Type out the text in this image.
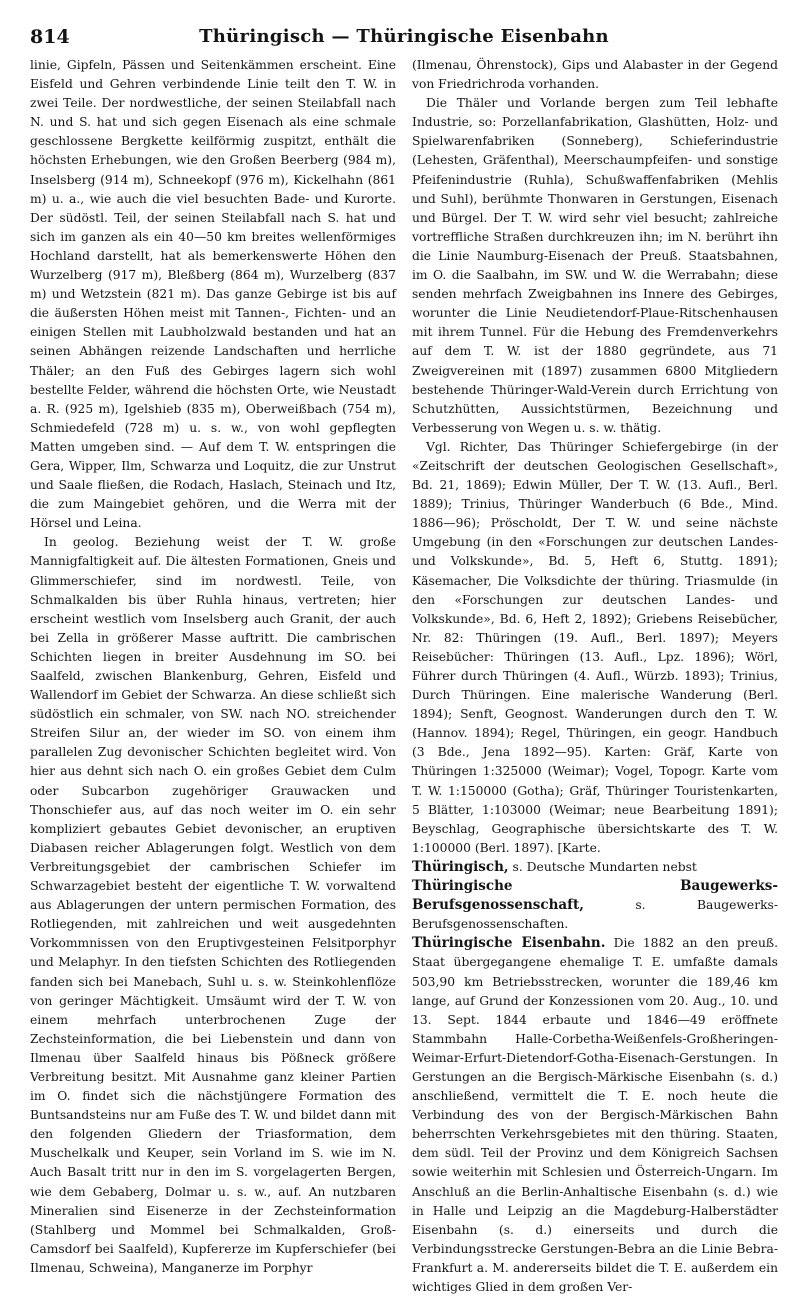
814	Thüringisch — Thüringische Eisenbahn

linie, Gipfeln, Pässen und Seitenkämmen erscheint. Eine Eisfeld und Gehren verbindende Linie teilt den T. W. in zwei Teile. Der nordwestliche, der seinen Steilabfall nach N. und S. hat und sich gegen Eisenach als eine schmale geschlossene Bergkette keilförmig zuspitzt, enthält die höchsten Erhebungen, wie den Großen Beerberg (984 m), Inselsberg (914 m), Schneekopf (976 m), Kickelhahn (861 m) u. a., wie auch die viel besuchten Bade- und Kurorte. Der südöstl. Teil, der seinen Steilabfall nach S. hat und sich im ganzen als ein 40—50 km breites wellenförmiges Hochland darstellt, hat als bemerkenswerte Höhen den Wurzelberg (917 m), Bleßberg (864 m), Wurzelberg (837 m) und Wetzstein (821 m). Das ganze Gebirge ist bis auf die äußersten Höhen meist mit Tannen-, Fichten- und an einigen Stellen mit Laubholzwald bestanden und hat an seinen Abhängen reizende Landschaften und herrliche Thäler; an den Fuß des Gebirges lagern sich wohl bestellte Felder, während die höchsten Orte, wie Neustadt a. R. (925 m), Igelshieb (835 m), Oberweißbach (754 m), Schmiedefeld (728 m) u. s. w., von wohl gepflegten Matten umgeben sind. — Auf dem T. W. entspringen die Gera, Wipper, Ilm, Schwarza und Loquitz, die zur Unstrut und Saale fließen, die Rodach, Haslach, Steinach und Itz, die zum Maingebiet gehören, und die Werra mit der Hörsel und Leina.

In geolog. Beziehung weist der T. W. große Mannigfaltigkeit auf. Die ältesten Formationen, Gneis und Glimmerschiefer, sind im nordwestl. Teile, von Schmalkalden bis über Ruhla hinaus, vertreten; hier erscheint westlich vom Inselsberg auch Granit, der auch bei Zella in größerer Masse auftritt. Die cambrischen Schichten liegen in breiter Ausdehnung im SO. bei Saalfeld, zwischen Blankenburg, Gehren, Eisfeld und Wallendorf im Gebiet der Schwarza. An diese schließt sich südöstlich ein schmaler, von SW. nach NO. streichender Streifen Silur an, der wieder im SO. von einem ihm parallelen Zug devonischer Schichten begleitet wird. Von hier aus dehnt sich nach O. ein großes Gebiet dem Culm oder Subcarbon zugehöriger Grauwacken und Thonschiefer aus, auf das noch weiter im O. ein sehr kompliziert gebautes Gebiet devonischer, an eruptiven Diabasen reicher Ablagerungen folgt. Westlich von dem Verbreitungsgebiet der cambrischen Schiefer im Schwarzagebiet besteht der eigentliche T. W. vorwaltend aus Ablagerungen der untern permischen Formation, des Rotliegenden, mit zahlreichen und weit ausgedehnten Vorkommnissen von den Eruptivgesteinen Felsitporphyr und Melaphyr. In den tiefsten Schichten des Rotliegenden fanden sich bei Manebach, Suhl u. s. w. Steinkohlenflöze von geringer Mächtigkeit. Umsäumt wird der T. W. von einem mehrfach unterbrochenen Zuge der Zechsteinformation, die bei Liebenstein und dann von Ilmenau über Saalfeld hinaus bis Pößneck größere Verbreitung besitzt. Mit Ausnahme ganz kleiner Partien im O. findet sich die nächstjüngere Formation des Buntsandsteins nur am Fuße des T. W. und bildet dann mit den folgenden Gliedern der Triasformation, dem Muschelkalk und Keuper, sein Vorland im S. wie im N. Auch Basalt tritt nur in den im S. vorgelagerten Bergen, wie dem Gebaberg, Dolmar u. s. w., auf. An nutzbaren Mineralien sind Eisenerze in der Zechsteinformation (Stahlberg und Mommel bei Schmalkalden, Groß-Camsdorf bei Saalfeld), Kupfererze im Kupferschiefer (bei Ilmenau, Schweina), Manganerze im Porphyr

(Ilmenau, Öhrenstock), Gips und Alabaster in der Gegend von Friedrichroda vorhanden.

Die Thäler und Vorlande bergen zum Teil lebhafte Industrie, so: Porzellanfabrikation, Glashütten, Holz- und Spielwarenfabriken (Sonneberg), Schieferindustrie (Lehesten, Gräfenthal), Meerschaumpfeifen- und sonstige Pfeifenindustrie (Ruhla), Schußwaffenfabriken (Mehlis und Suhl), berühmte Thonwaren in Gerstungen, Eisenach und Bürgel. Der T. W. wird sehr viel besucht; zahlreiche vortreffliche Straßen durchkreuzen ihn; im N. berührt ihn die Linie Naumburg-Eisenach der Preuß. Staatsbahnen, im O. die Saalbahn, im SW. und W. die Werrabahn; diese senden mehrfach Zweigbahnen ins Innere des Gebirges, worunter die Linie Neudietendorf-Plaue-Ritschenhausen mit ihrem Tunnel. Für die Hebung des Fremdenverkehrs auf dem T. W. ist der 1880 gegründete, aus 71 Zweigvereinen mit (1897) zusammen 6800 Mitgliedern bestehende Thüringer-Wald-Verein durch Errichtung von Schutzhütten, Aussichtstürmen, Bezeichnung und Verbesserung von Wegen u. s. w. thätig.

Vgl. Richter, Das Thüringer Schiefergebirge (in der «Zeitschrift der deutschen Geologischen Gesellschaft», Bd. 21, 1869); Edwin Müller, Der T. W. (13. Aufl., Berl. 1889); Trinius, Thüringer Wanderbuch (6 Bde., Mind. 1886—96); Pröscholdt, Der T. W. und seine nächste Umgebung (in den «Forschungen zur deutschen Landes- und Volkskunde», Bd. 5, Heft 6, Stuttg. 1891); Käsemacher, Die Volksdichte der thüring. Triasmulde (in den «Forschungen zur deutschen Landes- und Volkskunde», Bd. 6, Heft 2, 1892); Griebens Reisebücher, Nr. 82: Thüringen (19. Aufl., Berl. 1897); Meyers Reisebücher: Thüringen (13. Aufl., Lpz. 1896); Wörl, Führer durch Thüringen (4. Aufl., Würzb. 1893); Trinius, Durch Thüringen. Eine malerische Wanderung (Berl. 1894); Senft, Geognost. Wanderungen durch den T. W. (Hannov. 1894); Regel, Thüringen, ein geogr. Handbuch (3 Bde., Jena 1892—95). Karten: Gräf, Karte von Thüringen 1:325000 (Weimar); Vogel, Topogr. Karte vom T. W. 1:150000 (Gotha); Gräf, Thüringer Touristenkarten, 5 Blätter, 1:103000 (Weimar; neue Bearbeitung 1891); Beyschlag, Geographische übersichtskarte des T. W. 1:100000 (Berl. 1897). [Karte.

Thüringisch, s. Deutsche Mundarten nebst

Thüringische Baugewerks-Berufsgenossenschaft, s. Baugewerks-Berufsgenossenschaften.

Thüringische Eisenbahn. Die 1882 an den preuß. Staat übergegangene ehemalige T. E. umfaßte damals 503,90 km Betriebsstrecken, worunter die 189,46 km lange, auf Grund der Konzessionen vom 20. Aug., 10. und 13. Sept. 1844 erbaute und 1846—49 eröffnete Stammbahn Halle-Corbetha-Weißenfels-Großheringen-Weimar-Erfurt-Dietendorf-Gotha-Eisenach-Gerstungen. In Gerstungen an die Bergisch-Märkische Eisenbahn (s. d.) anschließend, vermittelt die T. E. noch heute die Verbindung des von der Bergisch-Märkischen Bahn beherrschten Verkehrsgebietes mit den thüring. Staaten, dem südl. Teil der Provinz und dem Königreich Sachsen sowie weiterhin mit Schlesien und Österreich-Ungarn. Im Anschluß an die Berlin-Anhaltische Eisenbahn (s. d.) wie in Halle und Leipzig an die Magdeburg-Halberstädter Eisenbahn (s. d.) einerseits und durch die Verbindungsstrecke Gerstungen-Bebra an die Linie Bebra-Frankfurt a. M. andererseits bildet die T. E. außerdem ein wichtiges Glied in dem großen Ver-
